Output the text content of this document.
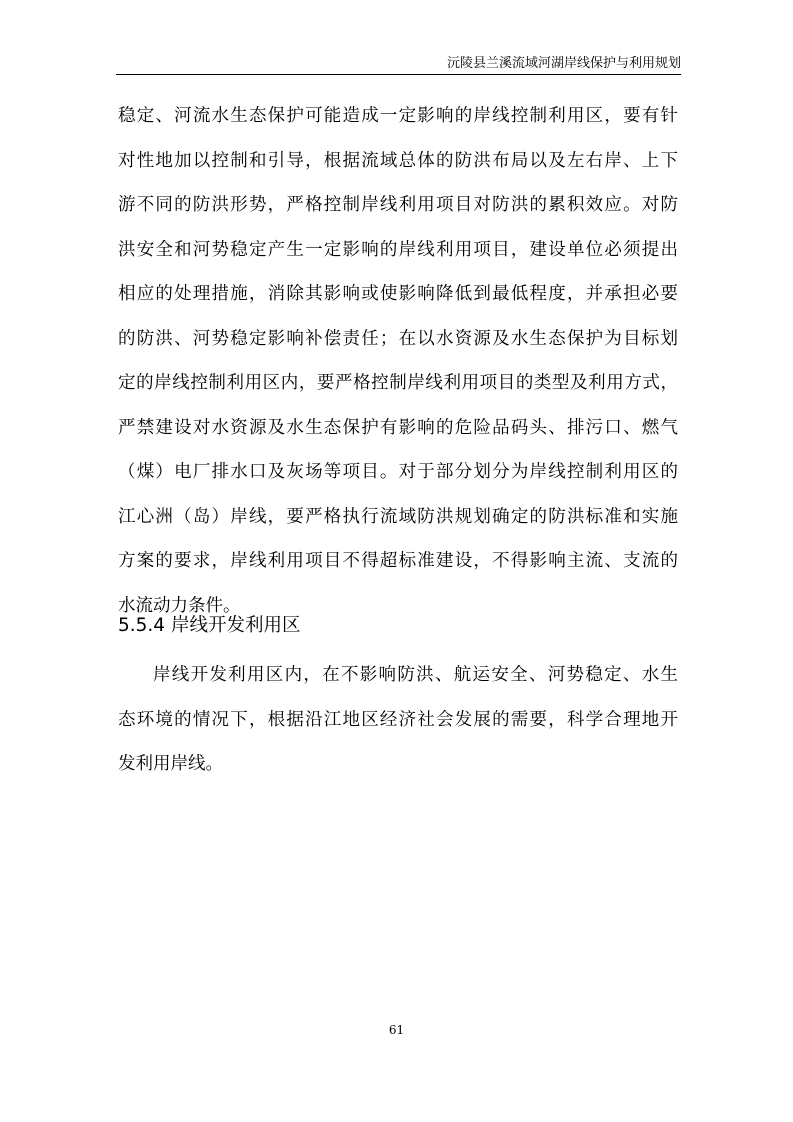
沅陵县兰溪流域河湖岸线保护与利用规划
稳定、河流水生态保护可能造成一定影响的岸线控制利用区，要有针
对性地加以控制和引导，根据流域总体的防洪布局以及左右岸、上下
游不同的防洪形势，严格控制岸线利用项目对防洪的累积效应。对防
洪安全和河势稳定产生一定影响的岸线利用项目，建设单位必须提出
相应的处理措施，消除其影响或使影响降低到最低程度，并承担必要
的防洪、河势稳定影响补偿责任；在以水资源及水生态保护为目标划
定的岸线控制利用区内，要严格控制岸线利用项目的类型及利用方式，
严禁建设对水资源及水生态保护有影响的危险品码头、排污口、燃气
（煤）电厂排水口及灰场等项目。对于部分划分为岸线控制利用区的
江心洲（岛）岸线，要严格执行流域防洪规划确定的防洪标准和实施
方案的要求，岸线利用项目不得超标准建设，不得影响主流、支流的
水流动力条件。
5.5.4 岸线开发利用区
岸线开发利用区内，在不影响防洪、航运安全、河势稳定、水生
态环境的情况下，根据沿江地区经济社会发展的需要，科学合理地开
发利用岸线。
61
